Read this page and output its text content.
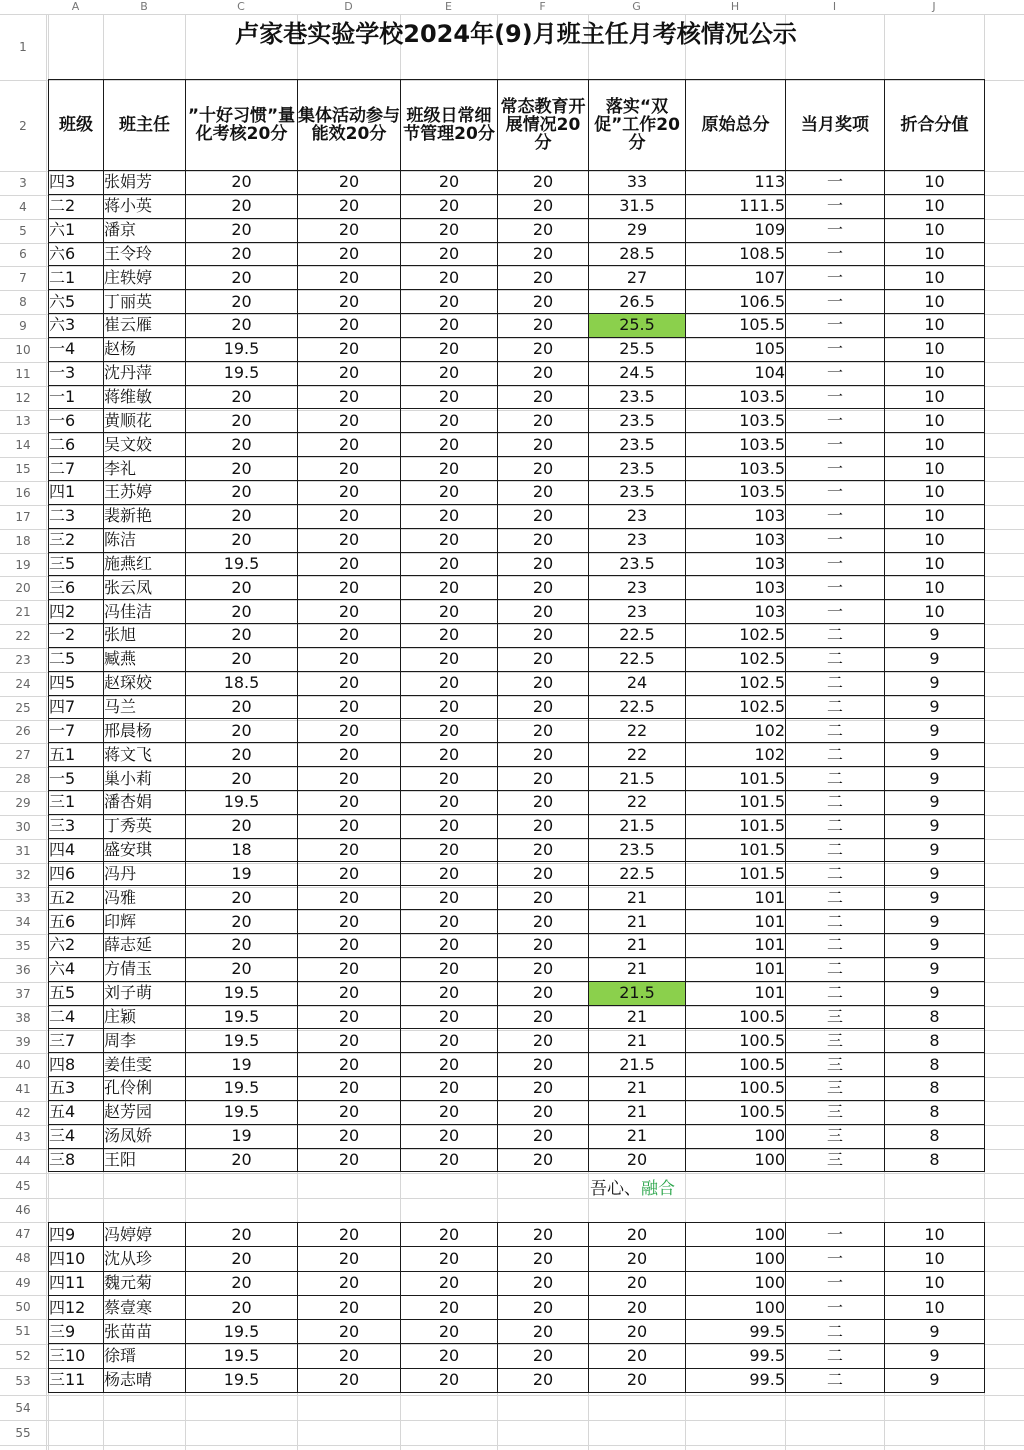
1
2
3
4
5
6
7
8
9
10
11
12
13
14
15
16
17
18
19
20
21
22
23
24
25
26
27
28
29
30
31
32
33
34
35
36
37
38
39
40
41
42
43
44
45
46
47
48
49
50
51
52
53
54
55
A	B	C	D	E	F	G	H	I	J
卢家巷实验学校2024年(9)月班主任月考核情况公示
班级	班主任	”十好习惯”量化考核20分	集体活动参与能效20分	班级日常细节管理20分	常态教育开展情况20分	落实“双促”工作20分	原始总分	当月奖项	折合分值
四3	张娟芳	20	20	20	20	33	113	一	10
二2	蒋小英	20	20	20	20	31.5	111.5	一	10
六1	潘京	20	20	20	20	29	109	一	10
六6	王令玲	20	20	20	20	28.5	108.5	一	10
二1	庄轶婷	20	20	20	20	27	107	一	10
六5	丁丽英	20	20	20	20	26.5	106.5	一	10
六3	崔云雁	20	20	20	20	25.5	105.5	一	10
一4	赵杨	19.5	20	20	20	25.5	105	一	10
一3	沈丹萍	19.5	20	20	20	24.5	104	一	10
一1	蒋维敏	20	20	20	20	23.5	103.5	一	10
一6	黄顺花	20	20	20	20	23.5	103.5	一	10
二6	吴文姣	20	20	20	20	23.5	103.5	一	10
二7	李礼	20	20	20	20	23.5	103.5	一	10
四1	王苏婷	20	20	20	20	23.5	103.5	一	10
二3	裴新艳	20	20	20	20	23	103	一	10
三2	陈洁	20	20	20	20	23	103	一	10
三5	施燕红	19.5	20	20	20	23.5	103	一	10
三6	张云凤	20	20	20	20	23	103	一	10
四2	冯佳洁	20	20	20	20	23	103	一	10
一2	张旭	20	20	20	20	22.5	102.5	二	9
二5	臧燕	20	20	20	20	22.5	102.5	二	9
四5	赵琛姣	18.5	20	20	20	24	102.5	二	9
四7	马兰	20	20	20	20	22.5	102.5	二	9
一7	邢晨杨	20	20	20	20	22	102	二	9
五1	蒋文飞	20	20	20	20	22	102	二	9
一5	巢小莉	20	20	20	20	21.5	101.5	二	9
三1	潘杏娟	19.5	20	20	20	22	101.5	二	9
三3	丁秀英	20	20	20	20	21.5	101.5	二	9
四4	盛安琪	18	20	20	20	23.5	101.5	二	9
四6	冯丹	19	20	20	20	22.5	101.5	二	9
五2	冯雅	20	20	20	20	21	101	二	9
五6	印辉	20	20	20	20	21	101	二	9
六2	薛志延	20	20	20	20	21	101	二	9
六4	方倩玉	20	20	20	20	21	101	二	9
五5	刘子萌	19.5	20	20	20	21.5	101	二	9
二4	庄颖	19.5	20	20	20	21	100.5	三	8
三7	周李	19.5	20	20	20	21	100.5	三	8
四8	姜佳雯	19	20	20	20	21.5	100.5	三	8
五3	孔伶俐	19.5	20	20	20	21	100.5	三	8
五4	赵芳园	19.5	20	20	20	21	100.5	三	8
三4	汤凤娇	19	20	20	20	21	100	三	8
三8	王阳	20	20	20	20	20	100	三	8
吾心、融合
四9	冯婷婷	20	20	20	20	20	100	一	10
四10	沈从珍	20	20	20	20	20	100	一	10
四11	魏元菊	20	20	20	20	20	100	一	10
四12	蔡壹寒	20	20	20	20	20	100	一	10
三9	张苗苗	19.5	20	20	20	20	99.5	二	9
三10	徐瑨	19.5	20	20	20	20	99.5	二	9
三11	杨志晴	19.5	20	20	20	20	99.5	二	9
